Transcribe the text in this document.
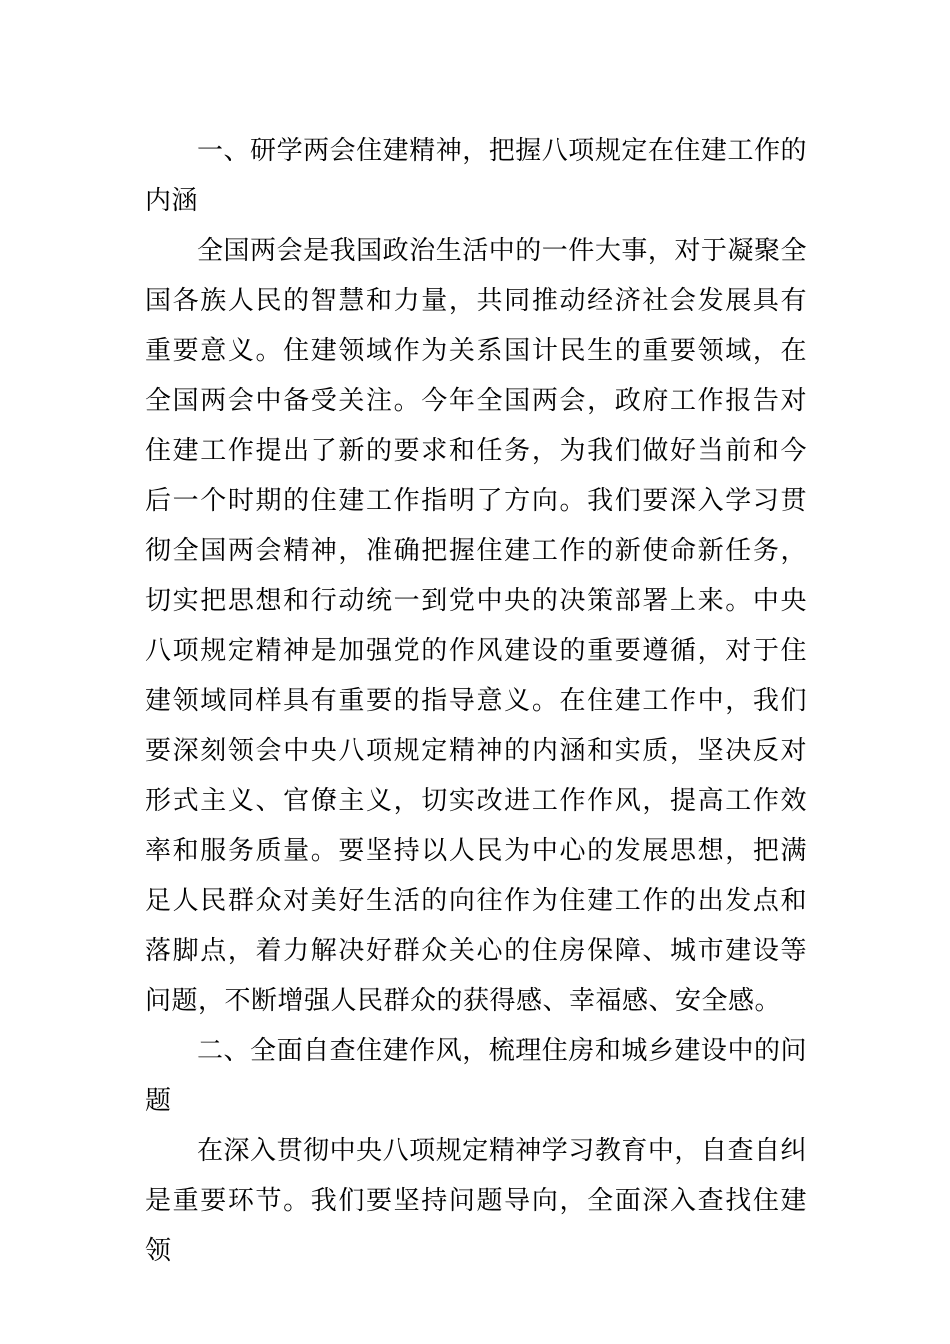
一、研学两会住建精神，把握八项规定在住建工作的内涵

全国两会是我国政治生活中的一件大事，对于凝聚全国各族人民的智慧和力量，共同推动经济社会发展具有重要意义。住建领域作为关系国计民生的重要领域，在全国两会中备受关注。今年全国两会，政府工作报告对住建工作提出了新的要求和任务，为我们做好当前和今后一个时期的住建工作指明了方向。我们要深入学习贯彻全国两会精神，准确把握住建工作的新使命新任务，切实把思想和行动统一到党中央的决策部署上来。中央八项规定精神是加强党的作风建设的重要遵循，对于住建领域同样具有重要的指导意义。在住建工作中，我们要深刻领会中央八项规定精神的内涵和实质，坚决反对形式主义、官僚主义，切实改进工作作风，提高工作效率和服务质量。要坚持以人民为中心的发展思想，把满足人民群众对美好生活的向往作为住建工作的出发点和落脚点，着力解决好群众关心的住房保障、城市建设等问题，不断增强人民群众的获得感、幸福感、安全感。

二、全面自查住建作风，梳理住房和城乡建设中的问题

在深入贯彻中央八项规定精神学习教育中，自查自纠是重要环节。我们要坚持问题导向，全面深入查找住建领
